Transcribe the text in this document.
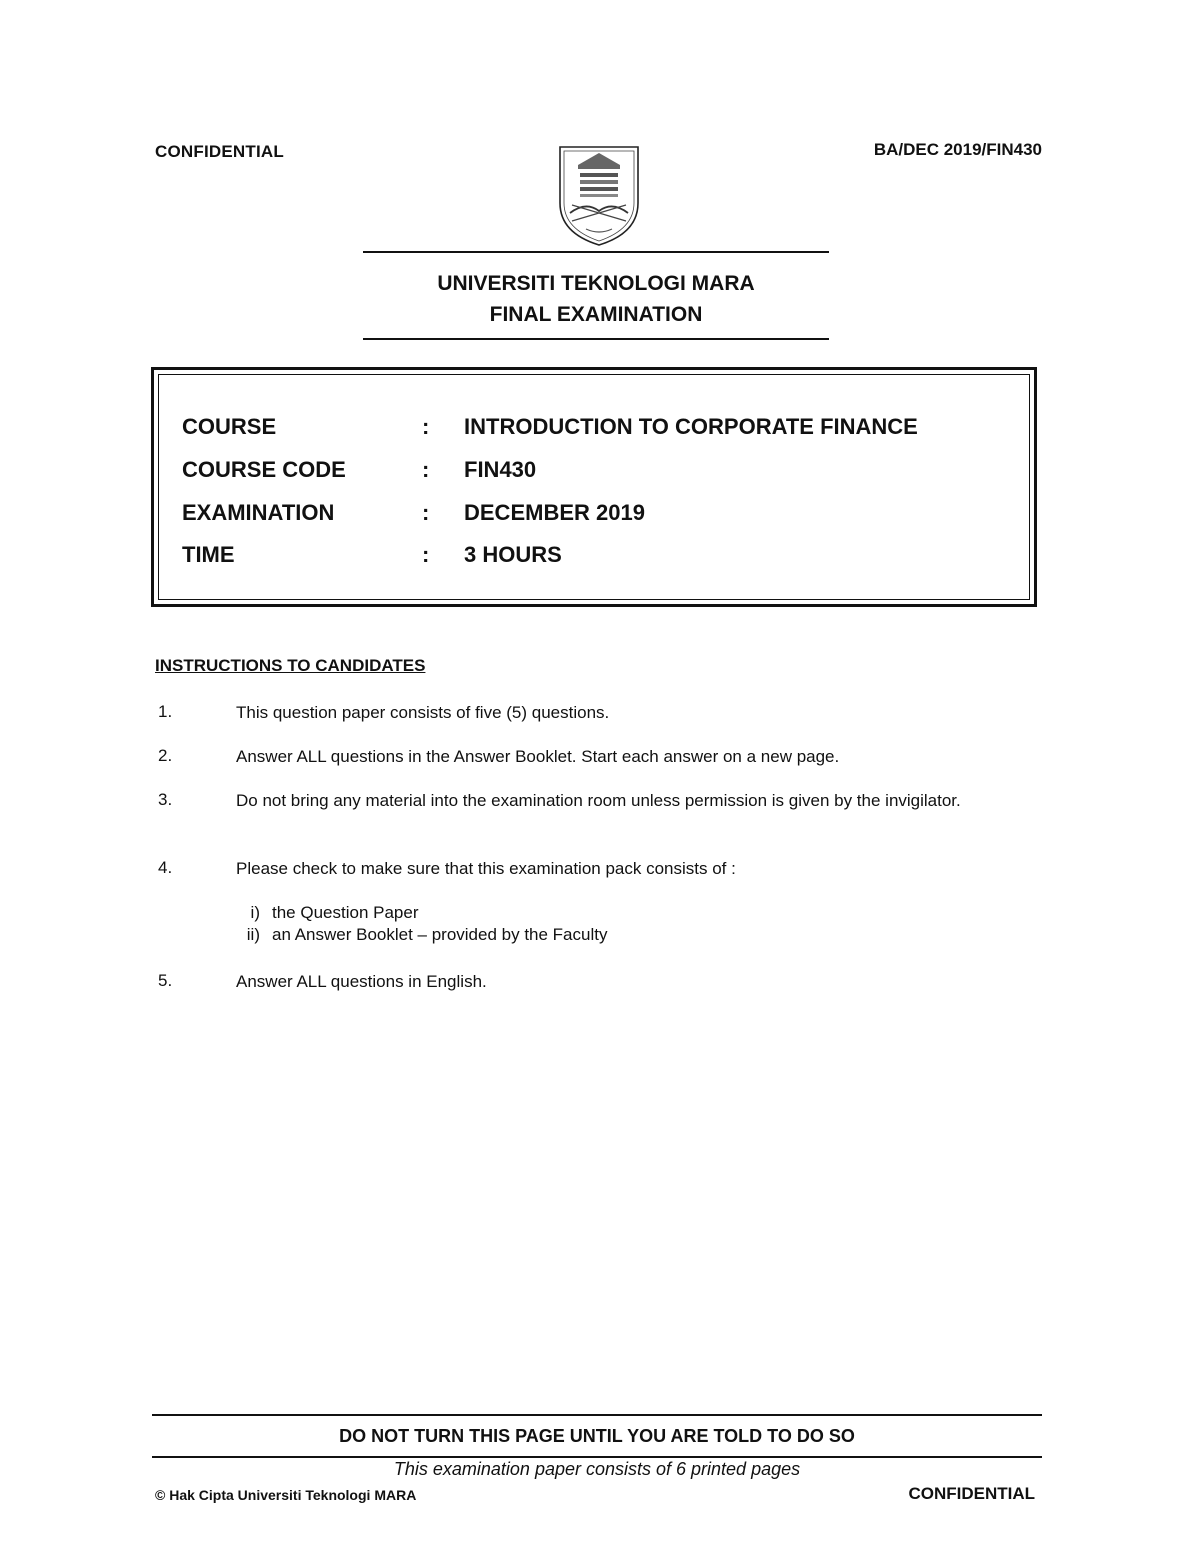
CONFIDENTIAL	BA/DEC 2019/FIN430
UNIVERSITI TEKNOLOGI MARA
FINAL EXAMINATION
COURSE	: INTRODUCTION TO CORPORATE FINANCE
COURSE CODE	: FIN430
EXAMINATION	: DECEMBER 2019
TIME	: 3 HOURS
INSTRUCTIONS TO CANDIDATES
1.	This question paper consists of five (5) questions.
2.	Answer ALL questions in the Answer Booklet. Start each answer on a new page.
3.	Do not bring any material into the examination room unless permission is given by the invigilator.
4.	Please check to make sure that this examination pack consists of :
i) the Question Paper
ii) an Answer Booklet – provided by the Faculty
5.	Answer ALL questions in English.
DO NOT TURN THIS PAGE UNTIL YOU ARE TOLD TO DO SO
This examination paper consists of 6 printed pages
© Hak Cipta Universiti Teknologi MARA	CONFIDENTIAL
